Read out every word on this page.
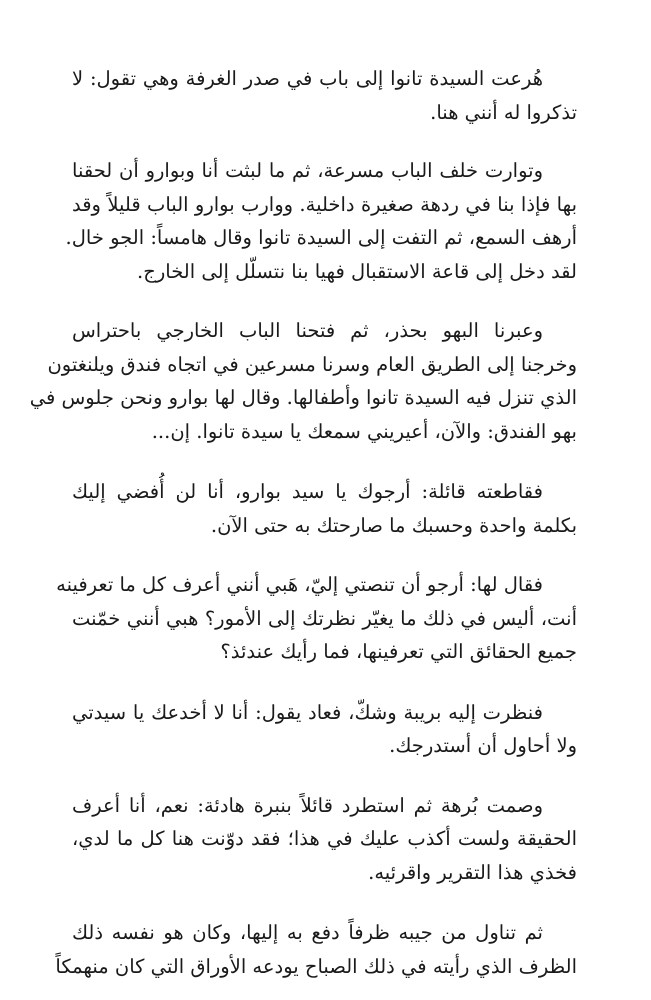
هُرعت السيدة تانوا إلى باب في صدر الغرفة وهي تقول: لا
تذكروا له أنني هنا.
وتوارت خلف الباب مسرعة، ثم ما لبثت أنا وبوارو أن لحقنا
بها فإذا بنا في ردهة صغيرة داخلية. ووارب بوارو الباب قليلاً وقد
أرهف السمع، ثم التفت إلى السيدة تانوا وقال هامساً: الجو خال.
لقد دخل إلى قاعة الاستقبال فهيا بنا نتسلّل إلى الخارج.
وعبرنا البهو بحذر، ثم فتحنا الباب الخارجي باحتراس
وخرجنا إلى الطريق العام وسرنا مسرعين في اتجاه فندق ويلنغتون
الذي تنزل فيه السيدة تانوا وأطفالها. وقال لها بوارو ونحن جلوس في
بهو الفندق: والآن، أعيريني سمعك يا سيدة تانوا. إن...
فقاطعته قائلة: أرجوك يا سيد بوارو، أنا لن أُفضي إليك
بكلمة واحدة وحسبك ما صارحتك به حتى الآن.
فقال لها: أرجو أن تنصتي إليّ، هَبي أنني أعرف كل ما تعرفينه
أنت، أليس في ذلك ما يغيّر نظرتك إلى الأمور؟ هبي أنني خمّنت
جميع الحقائق التي تعرفينها، فما رأيك عندئذ؟
فنظرت إليه بريبة وشكّ، فعاد يقول: أنا لا أخدعك يا سيدتي
ولا أحاول أن أستدرجك.
وصمت بُرهة ثم استطرد قائلاً بنبرة هادئة: نعم، أنا أعرف
الحقيقة ولست أكذب عليك في هذا؛ فقد دوّنت هنا كل ما لدي،
فخذي هذا التقرير واقرئيه.
ثم تناول من جيبه ظرفاً دفع به إليها، وكان هو نفسه ذلك
الظرف الذي رأيته في ذلك الصباح يودعه الأوراق التي كان منهمكاً
